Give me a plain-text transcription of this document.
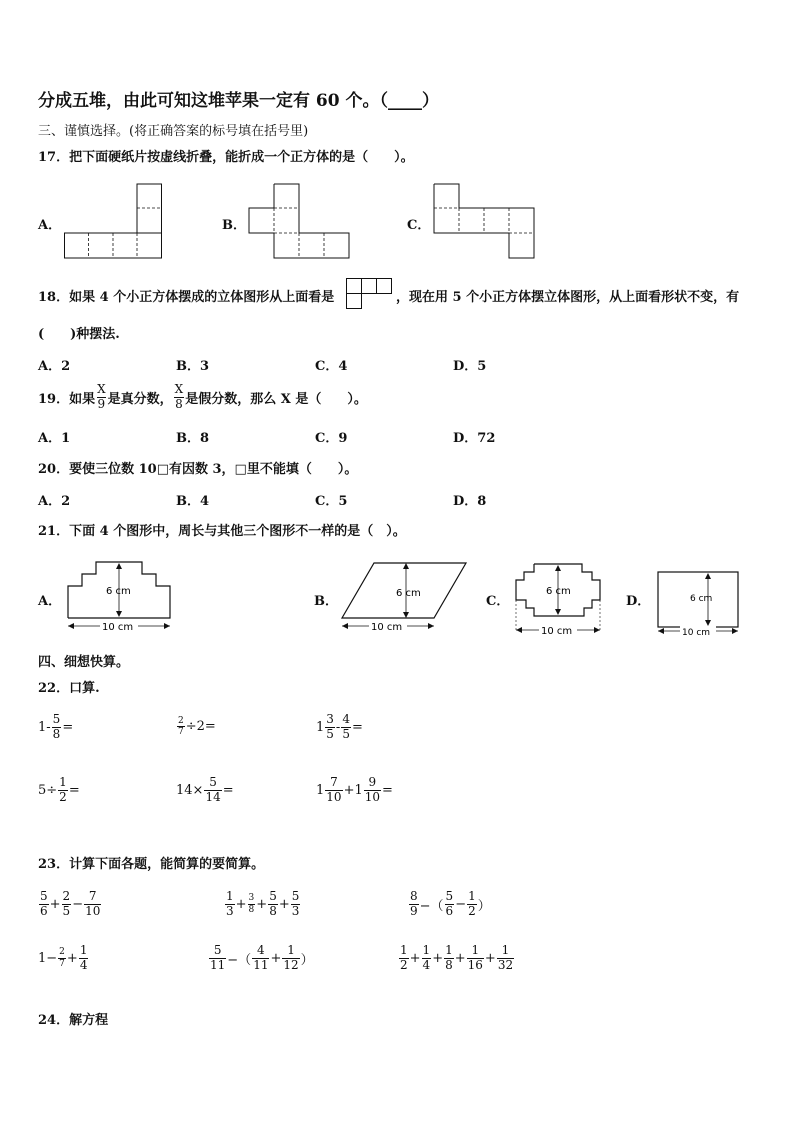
分成五堆，由此可知这堆苹果一定有 60 个。（____）
三、谨慎选择。(将正确答案的标号填在括号里)
17．把下面硬纸片按虚线折叠，能折成一个正方体的是（　　）。
A．	B．	C．
18．如果 4 个小正方体摆成的立体图形从上面看是	，现在用 5 个小正方体摆立体图形，从上面看形状不变，有
(　　)种摆法.
A．2	B．3	C．4	D．5
19．如果 $\frac{X}{9}$ 是真分数， $\frac{X}{8}$ 是假分数，那么 X 是（　　）。
A．1	B．8	C．9	D．72
20．要使三位数 10□有因数 3，□里不能填（　　）。
A．2	B．4	C．5	D．8
21．下面 4 个图形中，周长与其他三个图形不一样的是（　）。
A．
6 cm
10 cm
B．
6 cm
10 cm
C．
6 cm
10 cm
D．	6 cm
10 cm
四、细想快算。
22．口算.
$1- \frac{5}{8}$ =	$\frac{2}{7} \div 2=$	$1 \frac{3}{5} - \frac{4}{5}$ =
$5\div \frac{1}{2}$ =	$14\times \frac{5}{14}$ =	$1 \frac{7}{10} +1 \frac{9}{10}$ =
23．计算下面各题，能简算的要简算。
$\frac{5}{6} + \frac{2}{5} - \frac{7}{10}$	$\frac{1}{3} + \frac{3}{8} + \frac{5}{8} + \frac{5}{3}$	$\frac{8}{9}$ −（ $\frac{5}{6} - \frac{1}{2}$ ）
$1- \frac{2}{7} + \frac{1}{4}$	$\frac{5}{11}$ −（ $\frac{4}{11} + \frac{1}{12}$ ）	$\frac{1}{2} + \frac{1}{4} + \frac{1}{8} + \frac{1}{16} + \frac{1}{32}$
24．解方程
